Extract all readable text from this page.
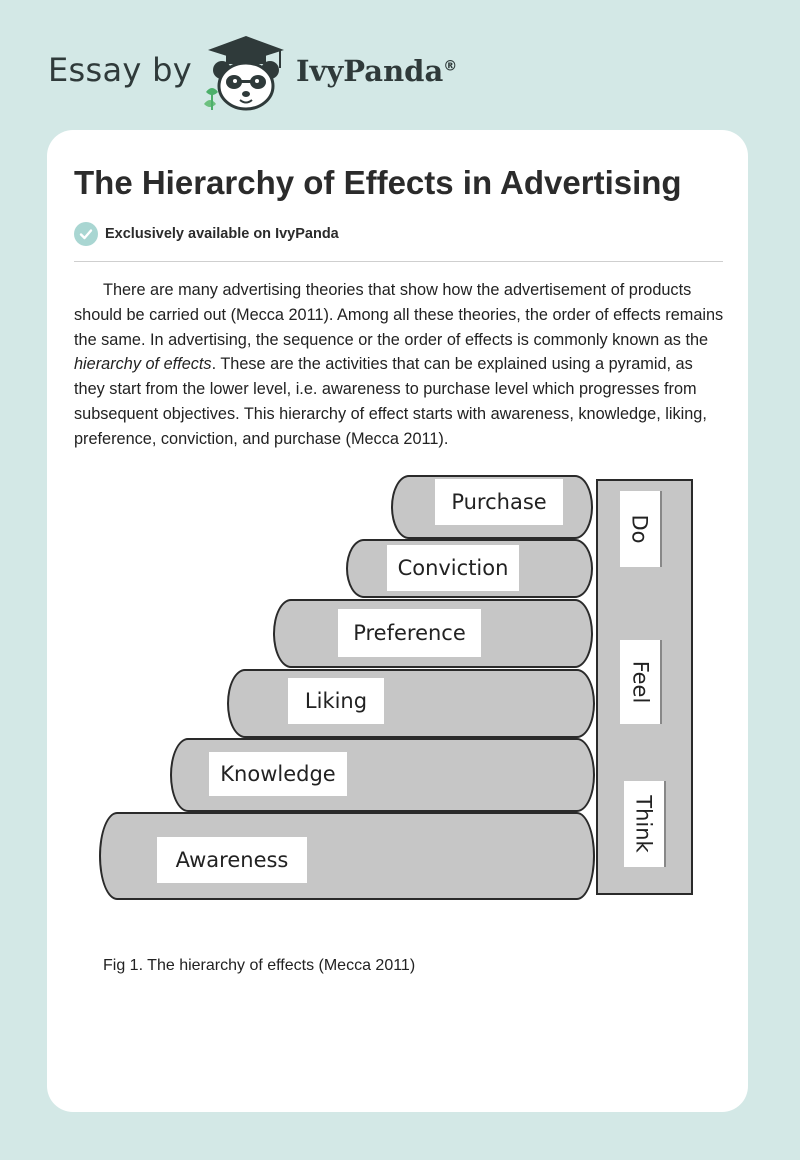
Essay by	IvyPanda®
The Hierarchy of Effects in Advertising
Exclusively available on IvyPanda

There are many advertising theories that show how the advertisement of products should be carried out (Mecca 2011). Among all these theories, the order of effects remains the same. In advertising, the sequence or the order of effects is commonly known as the hierarchy of effects. These are the activities that can be explained using a pyramid, as they start from the lower level, i.e. awareness to purchase level which progresses from subsequent objectives. This hierarchy of effect starts with awareness, knowledge, liking, preference, conviction, and purchase (Mecca 2011).

Do
Feel
Think
Awareness
Knowledge
Liking
Preference
Conviction
Purchase
Fig 1. The hierarchy of effects (Mecca 2011)
